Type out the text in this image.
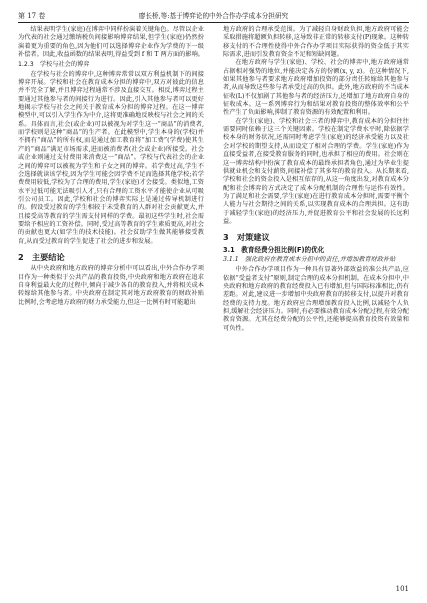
第 17 卷	廖长桥,等:基于博弈论的中外合作办学成本分担研究

结果表明学生(家庭)在博弈中同样扮演着关键角色。尽管以企业为代表的社会通过缴纳税负间接影响博弈结果,但学生(家庭)仍然扮演着更为重要的角色,因为他们可以选择博弈企业作为学费的下一级补偿者。因此,收益函数的结果表明,得益受到 f 和 T 两方面的影响。

1.2.3　学校与社会的博弈

在学校与社会的博弈中,这种博弈常常以双方利益机制下的间接博弈开展。学校和社会在教育成本分担的博弈中,双方对彼此的信息并不完全了解,并且博弈过程通常不涉及直接交互。相反,博弈过程主要通过其他参与者的间接行为进行。因此,引入其他参与者可以更好地揭示学校与社会之间关于教育成本分担的博弈过程。在这一博弈模型中,可以引入学生作为中介,这将更准确地反映校与社会之间的关系。具体而言,社会(或企业)可以被视为对学生这一“商品”的消费者,而学校则是这种“商品”的生产者。在此模型中,学生本身的(学校)并不拥有“商品”的所有权,而是通过加工教育将“加工费”(学费)使其生产的“商品”满足市场需求,进而被消费者(社会或企业)所接受。社会或企业则通过支付费用来消费这一“商品”。学校与代表社会的企业之间的博弈可以被视为学生和子女之间的博弈。若学费过高,学生不会选择就读该学校,因为学生可能会因学费不足而选择其他学校;若学费费用较低,学校为了合理的费用,学生(家庭)才会接受。类似地,工资水平过低可能无法吸引人才,只有合理的工资水平才能使企业从可吸引公司员工。因此,学校和社会的博弈实际上是通过传导机制进行的。假设受过教育的学生相较于未受教育的人群对社会贡献更大,并且接受高等教育的学生需支付同样的学费。最初这些学生时,社会需要给予相应的工资补偿。同时,受过高等教育的学生素质更高,对社会的贡献也更大(如学生的技术技能)。社会贫助学生做其能够接受教育,从而受过教育的学生促进了社会的进步和发展。

2　主要结论

从中央政府和地方政府的博弈分析中可以看出,中外合作办学项目作为一种类似于公共产品的教育投资,中央政府和地方政府在追求自身利益最大化的过程中,倾向于减少各自的教育投入,并将相关成本转嫁给其他参与者。中央政府在制定其对地方政府教育的财政补贴比例时,会考虑地方政府的财力承受能力,但这一比例有时可能超出

地方政府的合理承受范围。为了减轻自身财政负担,地方政府可能会采取措施将超额负担转移,这导致非正常的转移支付(P)现象。这种转移支付的不合理性使得中外合作办学项目实际获得的资金低于其实际需求,进而引发教育资金不足和短缺问题。

在地方政府与学生(家庭)、学校、社会的博弈中,地方政府通常占据相对强势的地位,并能决定各方的份额(x, y, z)。在这种情况下,如果其他参与者要求地方政府增加投资的部分责任转嫁给其他参与者,从而导致这些参与者承受过高的负担。此外,地方政府的不当成本征收(L)不仅加剧了其他参与者的经济压力,还增加了地方政府自身的征收成本。这一系列博弈行为和结果对教育投资的整体效率和公平性产生了负面影响,抑制了教育资源的有效配置和利用。

在学生(家庭)、学校和社会三者的博弈中,教育成本的分担往往需要同时依赖于这三个关键因素。学校在制定学费水平时,除依据学校本身的财务状况,还需同时考虑学生(家庭)的经济承受能力以及社会对学校的期望支持,从而设定了相对合理的学费。学生(家庭)作为直接受益者,在接受教育服务的同时,也承担了相应的费用。社会则在这一博弈结构中扮演了教育成本的最终承担者角色,通过为毕业生提供就业机会和支付薪资,间接补偿了其多年的教育投入。从长期来看,学校和社会的资金投入是相互依存的,从这一角度出发,对教育成本分配和社会博弈的方式决定了成本分配机制的合理性与运作有效性。为了满足和社会需要,学生(家庭)在进行教育成本分担时,需要平衡个人能力与社会期待之间的关系,以实现教育成本的合理共担。这有助于减轻学生(家庭)的经济压力,并促进教育公平和社会发展的长远利益。

3　对策建议
3.1　教育经费分担比例(F)的优化
3.1.1　强化政府在教育成本分担中的责任,并增加教育财政补贴

中外合作办学项目作为一种具有显著外部效益的准公共产品,应依据“受益者支付”原则,制定合理的成本分担机制。在成本分担中,中央政府和地方政府的教育经费投入已有增加,但与国际标准相比,仍有差距。对此,建议进一步增加中央政府教育的转移支付,以提升对教育经费的支持力度。地方政府应合理增加教育投入比例,以减轻个人负担,缓解社会经济压力。同时,有必要推动教育成本分配过程,有效分配教育资源。尤其在经费分配的公平性,还能够提高教育投资有效量和可负性。

101
